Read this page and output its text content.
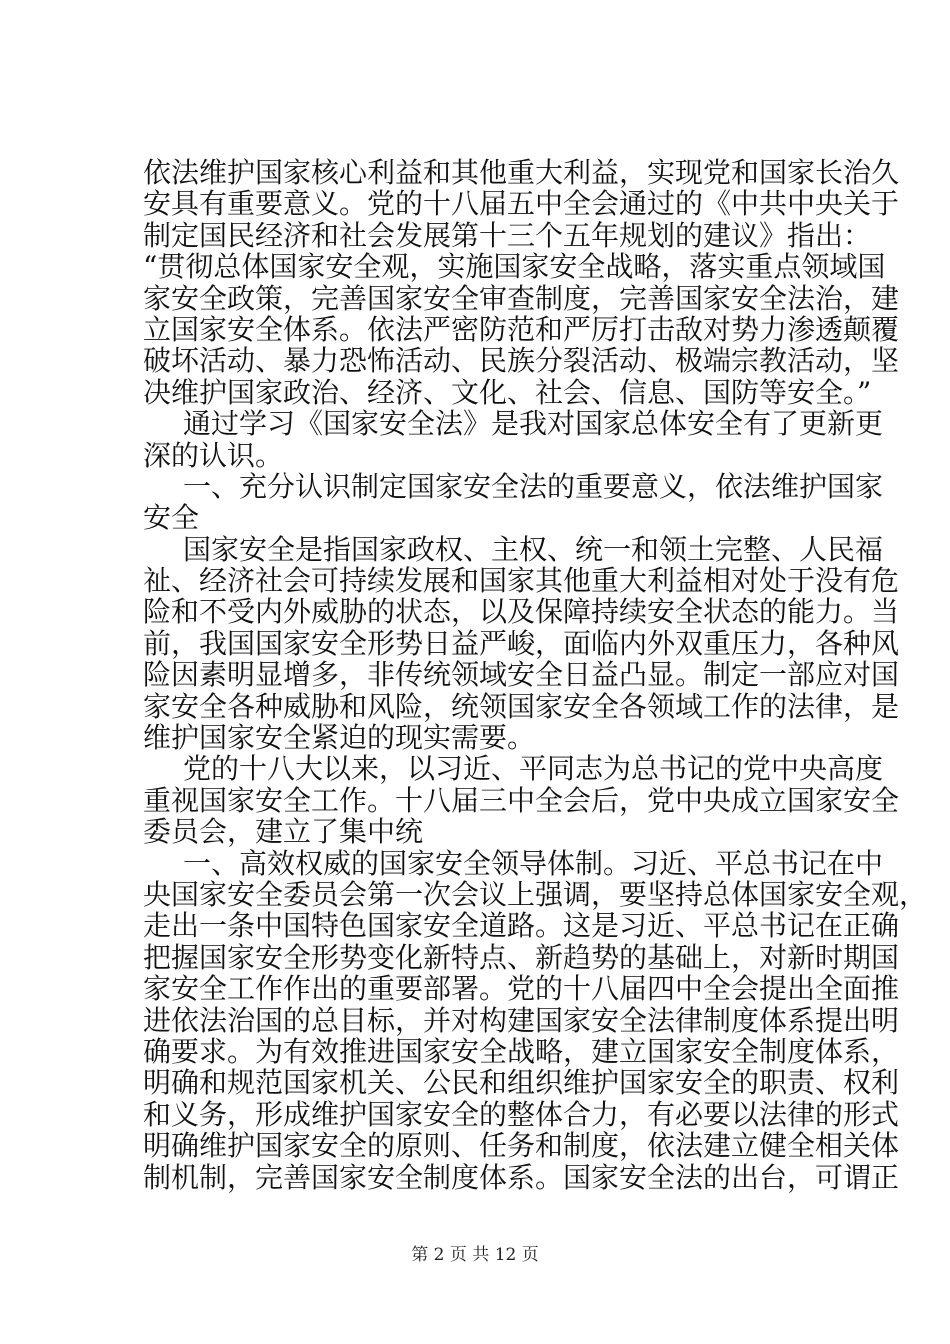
依法维护国家核心利益和其他重大利益，实现党和国家长治久
安具有重要意义。党的十八届五中全会通过的《中共中央关于
制定国民经济和社会发展第十三个五年规划的建议》指出：
“贯彻总体国家安全观，实施国家安全战略，落实重点领域国
家安全政策，完善国家安全审查制度，完善国家安全法治，建
立国家安全体系。依法严密防范和严厉打击敌对势力渗透颠覆
破坏活动、暴力恐怖活动、民族分裂活动、极端宗教活动，坚
决维护国家政治、经济、文化、社会、信息、国防等安全。”
通过学习《国家安全法》是我对国家总体安全有了更新更
深的认识。
一、充分认识制定国家安全法的重要意义，依法维护国家
安全
国家安全是指国家政权、主权、统一和领土完整、人民福
祉、经济社会可持续发展和国家其他重大利益相对处于没有危
险和不受内外威胁的状态，以及保障持续安全状态的能力。当
前，我国国家安全形势日益严峻，面临内外双重压力，各种风
险因素明显增多，非传统领域安全日益凸显。制定一部应对国
家安全各种威胁和风险，统领国家安全各领域工作的法律，是
维护国家安全紧迫的现实需要。
党的十八大以来，以习近、平同志为总书记的党中央高度
重视国家安全工作。十八届三中全会后，党中央成立国家安全
委员会，建立了集中统
一、高效权威的国家安全领导体制。习近、平总书记在中
央国家安全委员会第一次会议上强调，要坚持总体国家安全观，
走出一条中国特色国家安全道路。这是习近、平总书记在正确
把握国家安全形势变化新特点、新趋势的基础上，对新时期国
家安全工作作出的重要部署。党的十八届四中全会提出全面推
进依法治国的总目标，并对构建国家安全法律制度体系提出明
确要求。为有效推进国家安全战略，建立国家安全制度体系，
明确和规范国家机关、公民和组织维护国家安全的职责、权利
和义务，形成维护国家安全的整体合力，有必要以法律的形式
明确维护国家安全的原则、任务和制度，依法建立健全相关体
制机制，完善国家安全制度体系。国家安全法的出台，可谓正
第 2 页 共 12 页
